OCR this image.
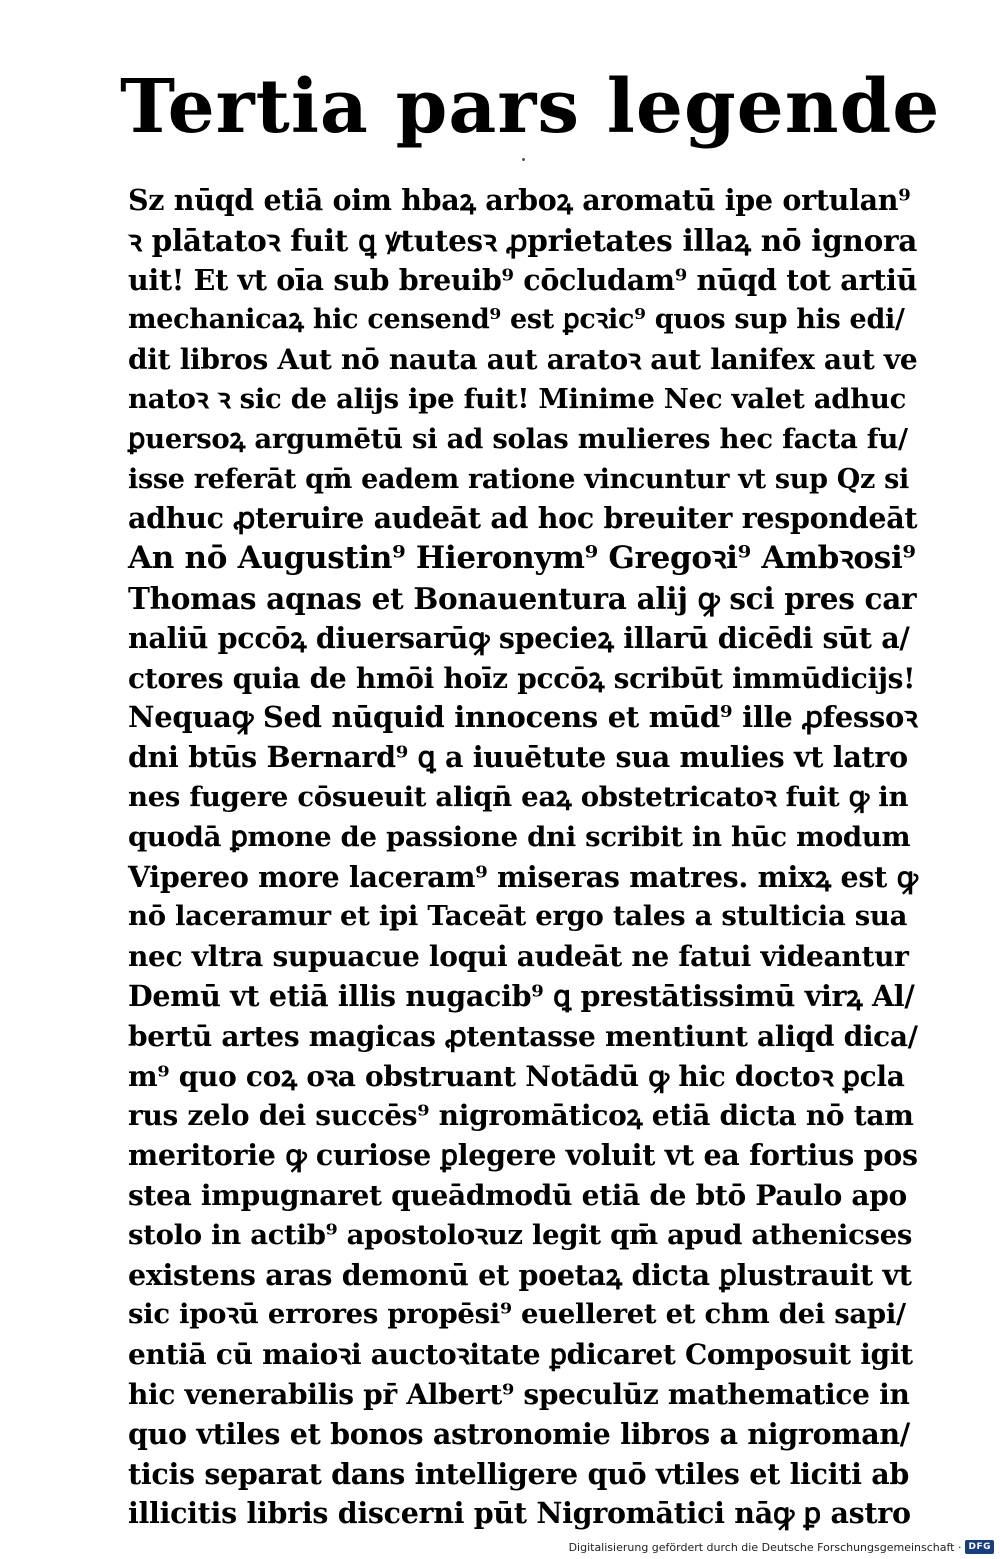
Tertia pars legende
Sz nūqd etiā oim hbaꝝ arboꝝ aromatū ipe ortulan⁹
ꝛ plātatoꝛ fuit ꝗ ꝟtutesꝛ ꝓprietates illaꝝ nō ignora
uit! Et vt oīa sub breuib⁹ cōcludam⁹ nūqd tot artiū
mechanicaꝝ hic censend⁹ est ꝑcꝛic⁹ quos sup his edi/
dit libros Aut nō nauta aut aratoꝛ aut lanifex aut ve
natoꝛ ꝛ sic de alijs ipe fuit! Minime Nec valet adhuc
ꝑuersoꝝ argumētū si ad solas mulieres hec facta fu/
isse referāt qm̄ eadem ratione vincuntur vt sup Qz si
adhuc ꝓteruire audeāt ad hoc breuiter respondeāt
An nō Augustin⁹ Hieronym⁹ Gregoꝛi⁹ Ambꝛosi⁹
Thomas aqnas et Bonauentura alij ꝙ sci pres car
naliū pccōꝝ diuersarūꝙ specieꝝ illarū dicēdi sūt a/
ctores quia de hmōi hoīz pccōꝝ scribūt immūdicijs!
Nequaꝙ Sed nūquid innocens et mūd⁹ ille ꝓfessoꝛ
dni btūs Bernard⁹ ꝗ a iuuētute sua mulies vt latro
nes fugere cōsueuit aliqn̄ eaꝝ obstetricatoꝛ fuit ꝙ in
quodā ꝑmone de passione dni scribit in hūc modum
Vipereo more laceram⁹ miseras matres. mixꝝ est ꝙ
nō laceramur et ipi Taceāt ergo tales a stulticia sua
nec vltra supuacue loqui audeāt ne fatui videantur
Demū vt etiā illis nugacib⁹ ꝗ prestātissimū virꝝ Al/
bertū artes magicas ꝓtentasse mentiunt aliqd dica/
m⁹ quo coꝝ oꝛa obstruant Notādū ꝙ hic doctoꝛ ꝑcla
rus zelo dei succēs⁹ nigromāticoꝝ etiā dicta nō tam
meritorie ꝙ curiose ꝑlegere voluit vt ea fortius pos
stea impugnaret queādmodū etiā de btō Paulo apo
stolo in actib⁹ apostoloꝛuz legit qm̄ apud athenicses
existens aras demonū et poetaꝝ dicta ꝑlustrauit vt
sic ipoꝛū errores propēsi⁹ euelleret et chm dei sapi/
entiā cū maioꝛi auctoꝛitate ꝑdicaret Composuit igit
hic venerabilis pr̄ Albert⁹ speculūz mathematice in
quo vtiles et bonos astronomie libros a nigroman/
ticis separat dans intelligere quō vtiles et liciti ab
illicitis libris discerni pūt Nigromātici nāꝙ ꝑ astro
Digitalisierung gefördert durch die Deutsche Forschungsgemeinschaft · DFG
